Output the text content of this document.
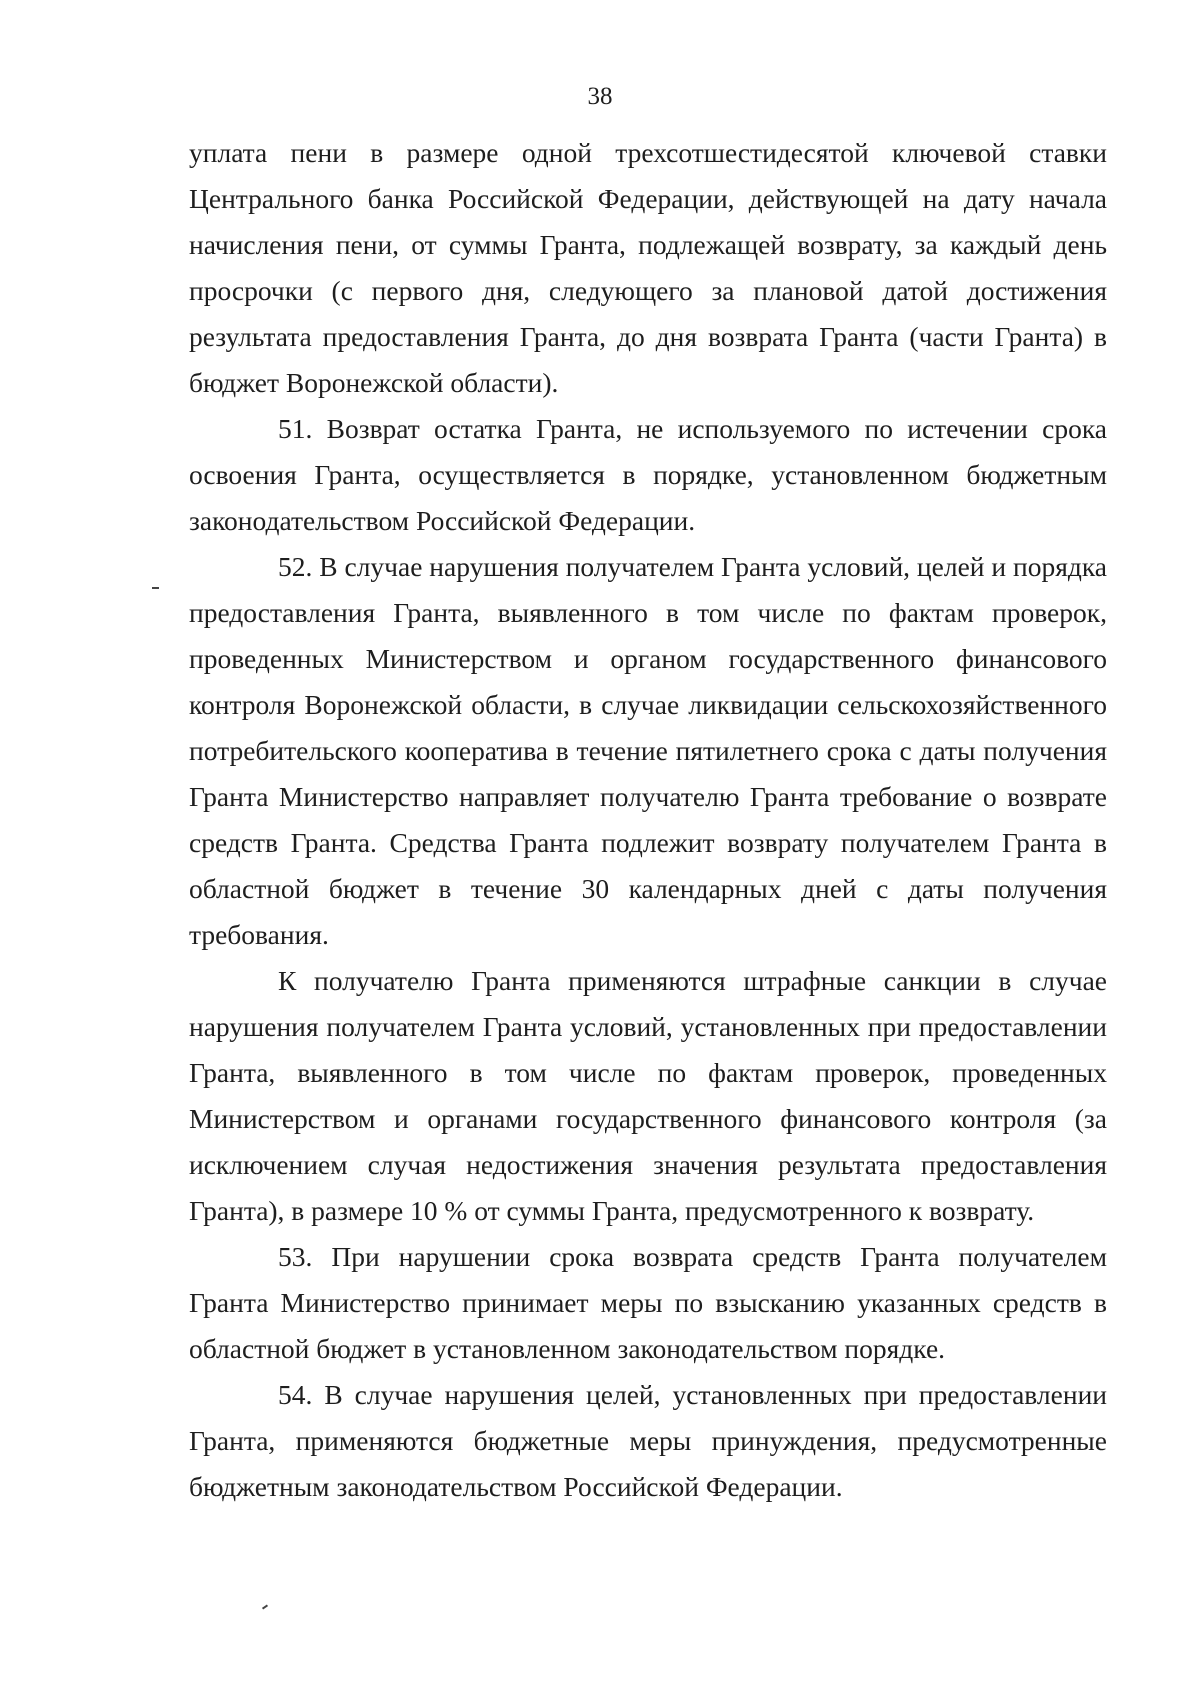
38

уплата пени в размере одной трехсотшестидесятой ключевой ставки Центрального банка Российской Федерации, действующей на дату начала начисления пени, от суммы Гранта, подлежащей возврату, за каждый день просрочки (с первого дня, следующего за плановой датой достижения результата предоставления Гранта, до дня возврата Гранта (части Гранта) в бюджет Воронежской области).

51. Возврат остатка Гранта, не используемого по истечении срока освоения Гранта, осуществляется в порядке, установленном бюджетным законодательством Российской Федерации.

52. В случае нарушения получателем Гранта условий, целей и порядка предоставления Гранта, выявленного в том числе по фактам проверок, проведенных Министерством и органом государственного финансового контроля Воронежской области, в случае ликвидации сельскохозяйственного потребительского кооператива в течение пятилетнего срока с даты получения Гранта Министерство направляет получателю Гранта требование о возврате средств Гранта. Средства Гранта подлежит возврату получателем Гранта в областной бюджет в течение 30 календарных дней с даты получения требования.

К получателю Гранта применяются штрафные санкции в случае нарушения получателем Гранта условий, установленных при предоставлении Гранта, выявленного в том числе по фактам проверок, проведенных Министерством и органами государственного финансового контроля (за исключением случая недостижения значения результата предоставления Гранта), в размере 10 % от суммы Гранта, предусмотренного к возврату.

53. При нарушении срока возврата средств Гранта получателем Гранта Министерство принимает меры по взысканию указанных средств в областной бюджет в установленном законодательством порядке.

54. В случае нарушения целей, установленных при предоставлении Гранта, применяются бюджетные меры принуждения, предусмотренные бюджетным законодательством Российской Федерации.
